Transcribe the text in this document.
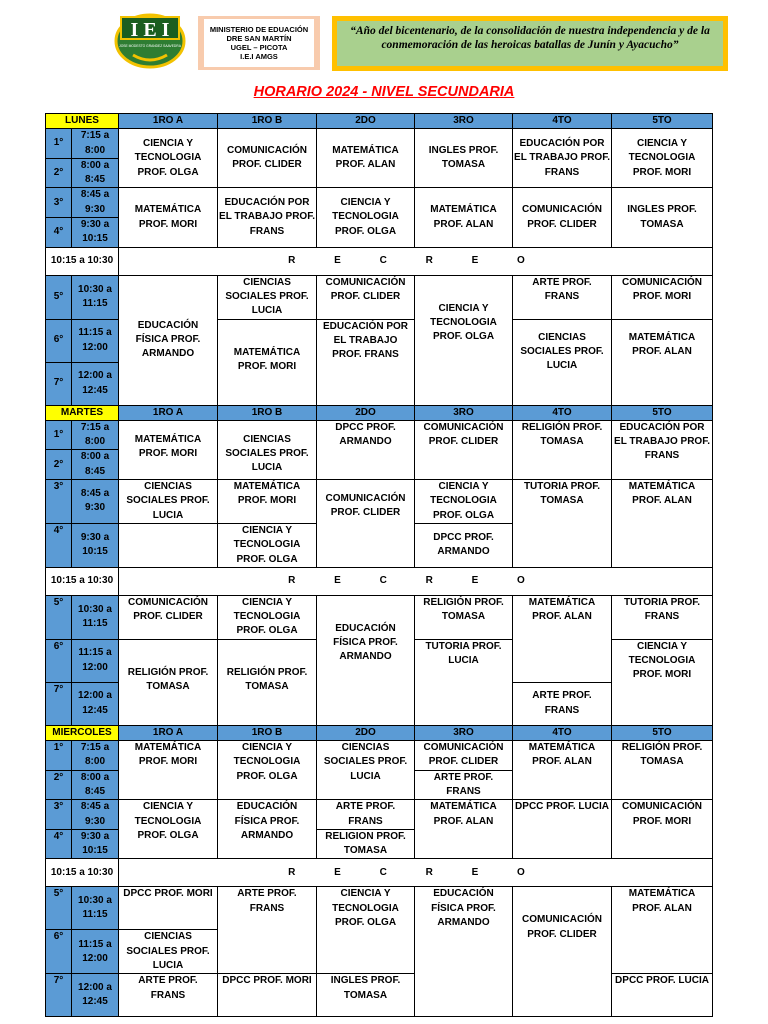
I E I
JOSE MODESTO GRANDEZ SAAVEDRA
MINISTERIO DE EDUACIÓN
DRE SAN MARTÍN
UGEL – PICOTA
I.E.I AMGS
“Año del bicentenario, de la consolidación de nuestra independencia y de la conmemoración de las heroicas batallas de Junín y Ayacucho”
HORARIO 2024 - NIVEL SECUNDARIA
LUNES		1RO A	1RO B	2DO	3RO	4TO	5TO
1°	7:15 a 8:00	CIENCIA Y TECNOLOGIA PROF. OLGA	COMUNICACIÓN PROF. CLIDER	MATEMÁTICA PROF. ALAN	INGLES PROF. TOMASA	EDUCACIÓN POR EL TRABAJO PROF. FRANS	CIENCIA Y TECNOLOGIA PROF. MORI
2°	8:00 a 8:45						
3°	8:45 a 9:30	MATEMÁTICA PROF. MORI	EDUCACIÓN POR EL TRABAJO PROF. FRANS	CIENCIA Y TECNOLOGIA PROF. OLGA	MATEMÁTICA PROF. ALAN	COMUNICACIÓN PROF. CLIDER	INGLES PROF. TOMASA
4°	9:30 a 10:15						
10:15 a 10:30		R E C R E O					
5°	10:30 a 11:15	EDUCACIÓN FÍSICA PROF. ARMANDO	CIENCIAS SOCIALES PROF. LUCIA	COMUNICACIÓN PROF. CLIDER	CIENCIA Y TECNOLOGIA PROF. OLGA	ARTE PROF. FRANS	COMUNICACIÓN PROF. MORI
6°	11:15 a 12:00		MATEMÁTICA PROF. MORI	EDUCACIÓN POR EL TRABAJO PROF. FRANS		CIENCIAS SOCIALES PROF. LUCIA	MATEMÁTICA PROF. ALAN
7°	12:00 a 12:45						
MARTES		1RO A	1RO B	2DO	3RO	4TO	5TO
1°	7:15 a 8:00	MATEMÁTICA PROF. MORI	CIENCIAS SOCIALES PROF. LUCIA	DPCC PROF. ARMANDO	COMUNICACIÓN PROF. CLIDER	RELIGIÓN PROF. TOMASA	EDUCACIÓN POR EL TRABAJO PROF. FRANS
2°	8:00 a 8:45						
3°	8:45 a 9:30	CIENCIAS SOCIALES PROF. LUCIA	MATEMÁTICA PROF. MORI	COMUNICACIÓN PROF. CLIDER	CIENCIA Y TECNOLOGIA PROF. OLGA	TUTORIA PROF. TOMASA	MATEMÁTICA PROF. ALAN
4°	9:30 a 10:15		CIENCIA Y TECNOLOGIA PROF. OLGA		DPCC PROF. ARMANDO		
10:15 a 10:30		R E C R E O					
5°	10:30 a 11:15	COMUNICACIÓN PROF. CLIDER	CIENCIA Y TECNOLOGIA PROF. OLGA	EDUCACIÓN FÍSICA PROF. ARMANDO	RELIGIÓN PROF. TOMASA	MATEMÁTICA PROF. ALAN	TUTORIA PROF. FRANS
6°	11:15 a 12:00	RELIGIÓN PROF. TOMASA	RELIGIÓN PROF. TOMASA		TUTORIA PROF. LUCIA		CIENCIA Y TECNOLOGIA PROF. MORI
7°	12:00 a 12:45					ARTE PROF. FRANS	
MIERCOLES		1RO A	1RO B	2DO	3RO	4TO	5TO
1°	7:15 a 8:00	MATEMÁTICA PROF. MORI	CIENCIA Y TECNOLOGIA PROF. OLGA	CIENCIAS SOCIALES PROF. LUCIA	COMUNICACIÓN PROF. CLIDER	MATEMÁTICA PROF. ALAN	RELIGIÓN PROF. TOMASA
2°	8:00 a 8:45				ARTE PROF. FRANS		
3°	8:45 a 9:30	CIENCIA Y TECNOLOGIA PROF. OLGA	EDUCACIÓN FÍSICA PROF. ARMANDO	ARTE PROF. FRANS	MATEMÁTICA PROF. ALAN	DPCC PROF. LUCIA	COMUNICACIÓN PROF. MORI
4°	9:30 a 10:15			RELIGION PROF. TOMASA			
10:15 a 10:30		R E C R E O					
5°	10:30 a 11:15	DPCC PROF. MORI	ARTE PROF. FRANS	CIENCIA Y TECNOLOGIA PROF. OLGA	EDUCACIÓN FÍSICA PROF. ARMANDO	COMUNICACIÓN PROF. CLIDER	MATEMÁTICA PROF. ALAN
6°	11:15 a 12:00	CIENCIAS SOCIALES PROF. LUCIA					
7°	12:00 a 12:45	ARTE PROF. FRANS	DPCC PROF. MORI	INGLES PROF. TOMASA			DPCC PROF. LUCIA
